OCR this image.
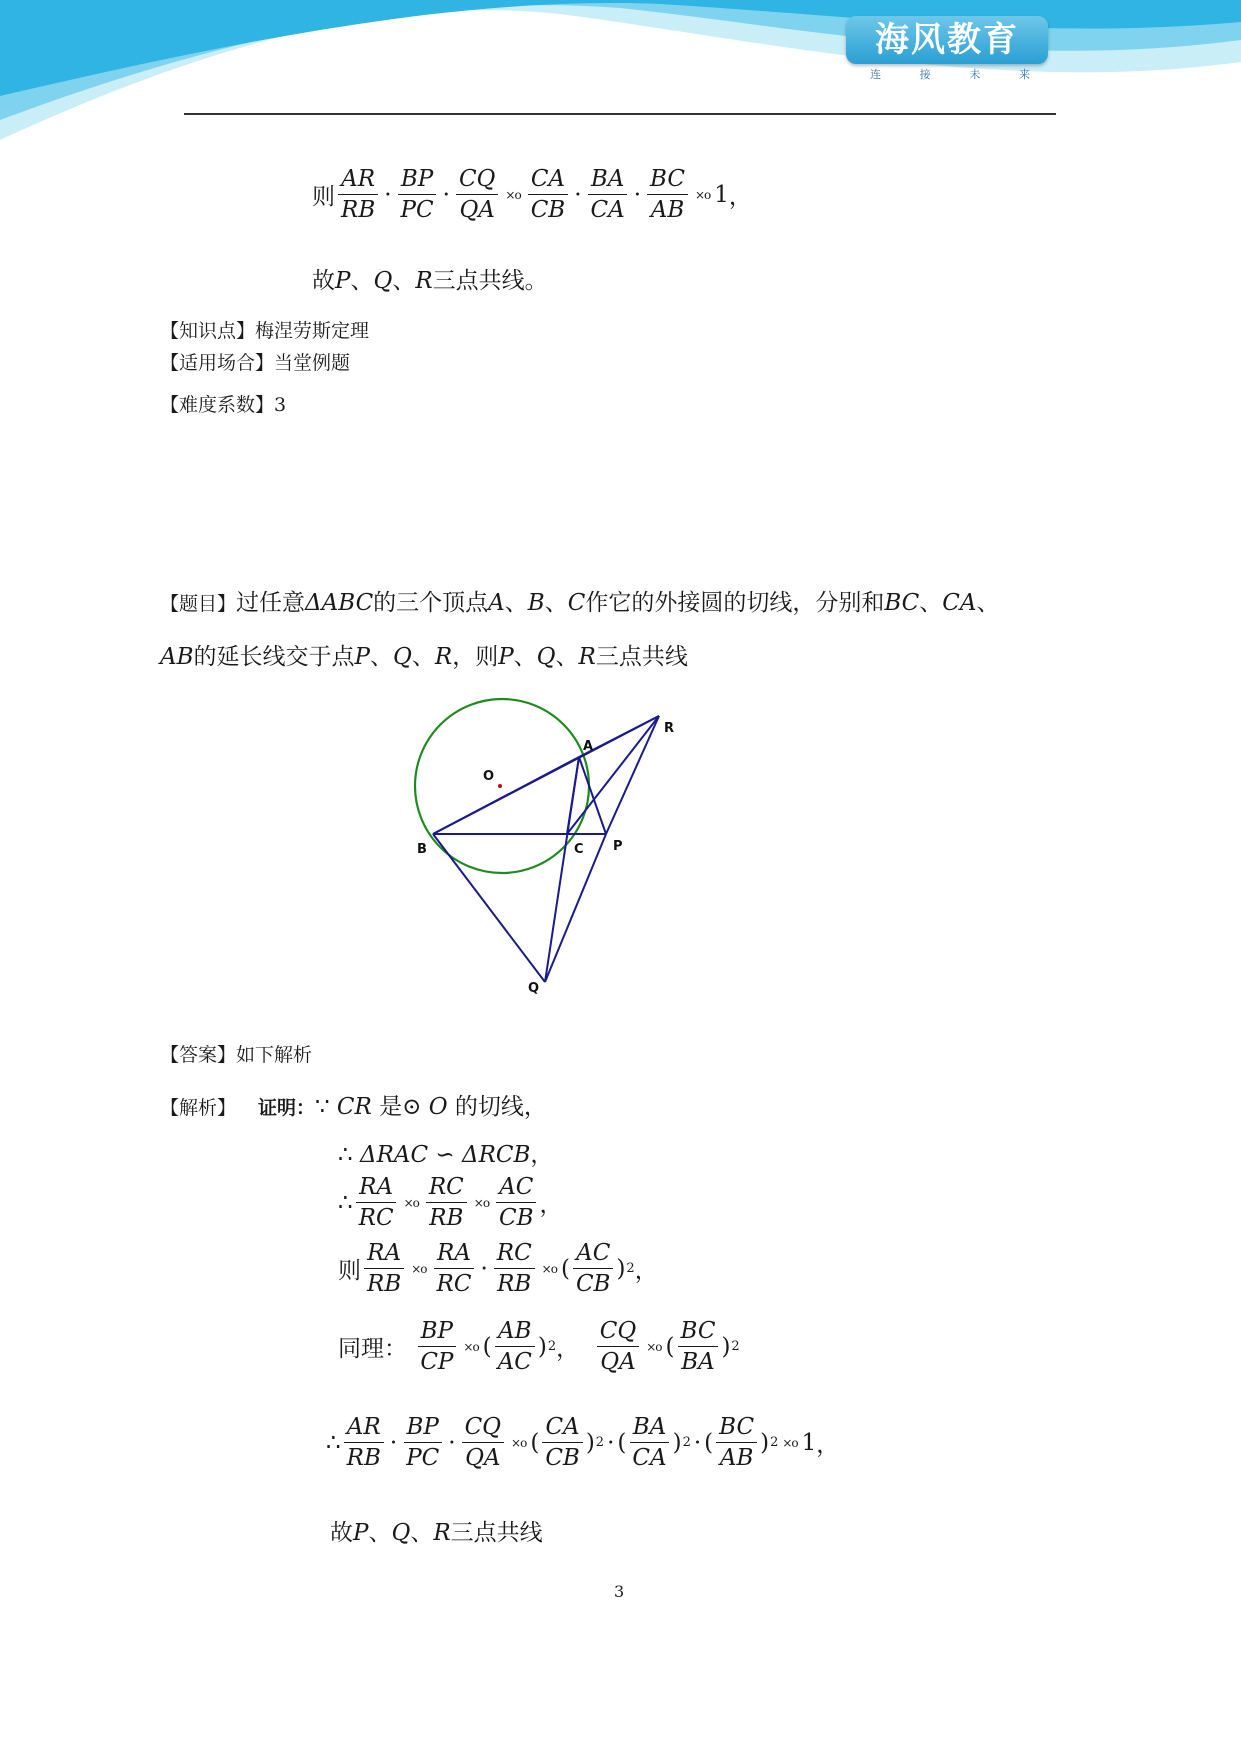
海风教育
连	接	未	来
则 $\frac{AR}{RB} \cdot \frac{BP}{PC} \cdot \frac{CQ}{QA} \times o \frac{CA}{CB} \cdot \frac{BA}{CA} \cdot \frac{BC}{AB} \times o$ 1 ，
故P、Q、R三点共线。
【知识点】梅涅劳斯定理
【适用场合】当堂例题
【难度系数】3
【题目】过任意ΔABC的三个顶点A、B、C作它的外接圆的切线，分别和BC、CA、
AB的延长线交于点P、Q、R，则P、Q、R三点共线
A
B	C
O
P
Q
R
【答案】如下解析
【解析】 证明：∵ CR 是⊙ O 的切线，
∴ ΔRAC ∽ ΔRCB，
∴ $\frac{RA}{RC} \times o \frac{RC}{RB} \times o \frac{AC}{CB}$ ，
则 $\frac{RA}{RB} \times o \frac{RA}{RC} \cdot \frac{RC}{RB} \times o$ ( $\frac{AC}{CB}$ ) 2 ，
同理：
$\frac{BP}{CP} \times o$ ( $\frac{AB}{AC}$ ) 2 ，
$\frac{CQ}{QA} \times o$ ( $\frac{BC}{BA}$ ) 2
∴ $\frac{AR}{RB} \cdot \frac{BP}{PC} \cdot \frac{CQ}{QA} \times o$ ( $\frac{CA}{CB}$ ) 2 · ( $\frac{BA}{CA}$ ) 2 · ( $\frac{BC}{AB}$ ) 2 ×o 1 ，
故P、Q、R三点共线
3
